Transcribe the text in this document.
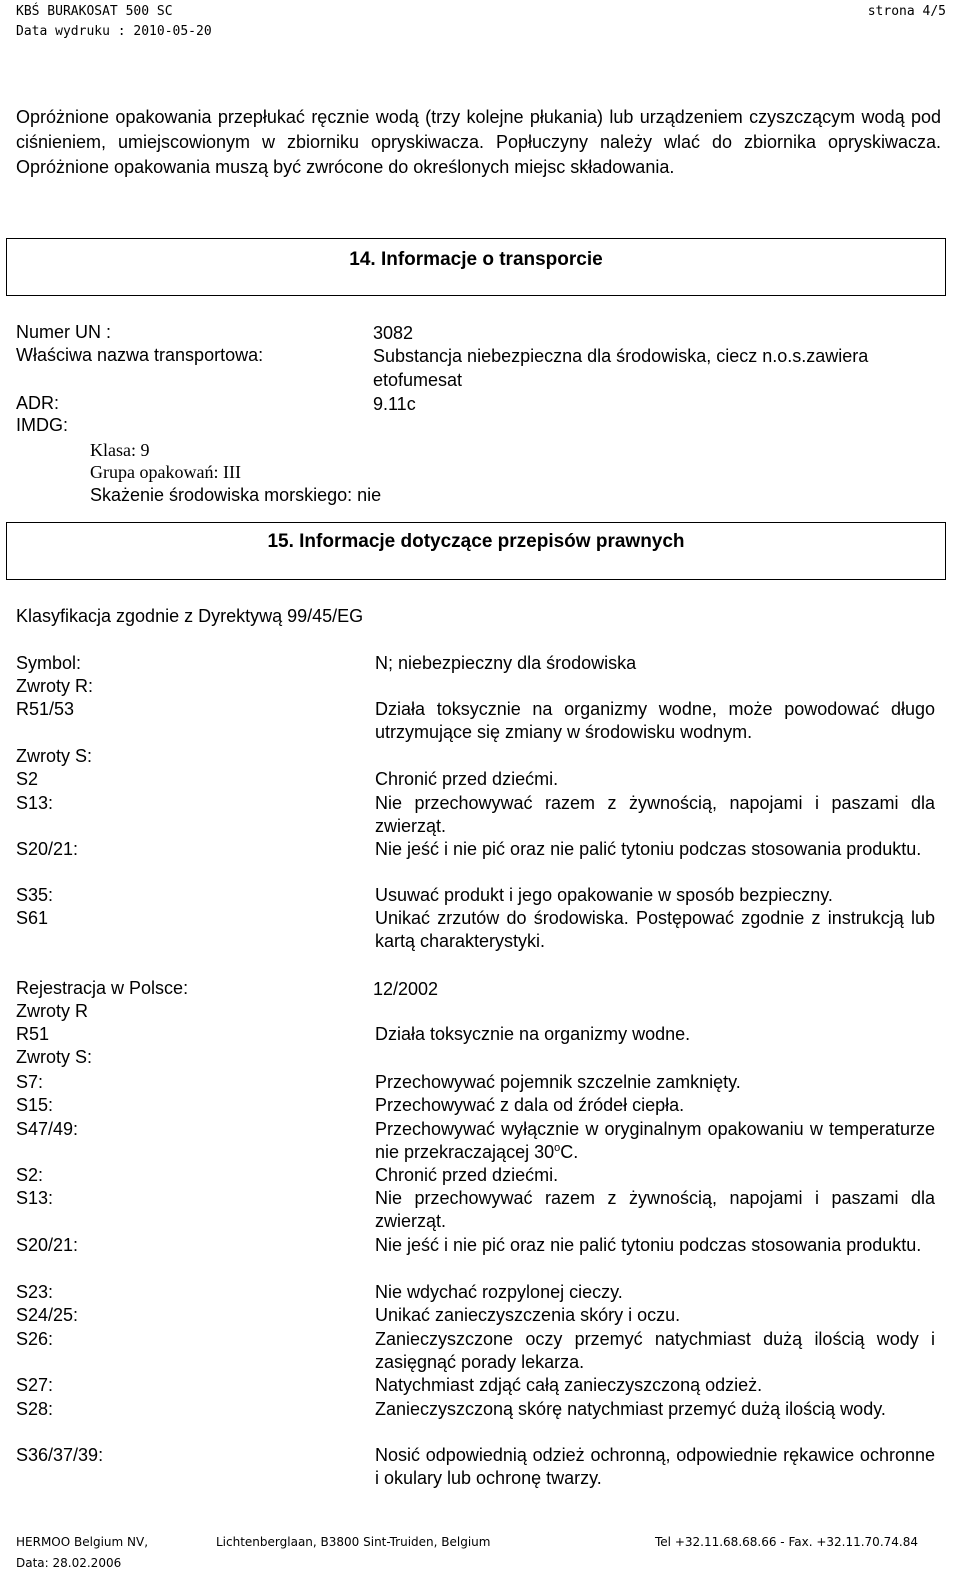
KBŚ BURAKOSAT 500 SC
Data wydruku : 2010-05-20
strona 4/5
Opróżnione opakowania przepłukać ręcznie wodą (trzy kolejne płukania) lub urządzeniem czyszczącym wodą pod ciśnieniem, umiejscowionym w zbiorniku opryskiwacza. Popłuczyny należy wlać do zbiornika opryskiwacza. Opróżnione opakowania muszą być zwrócone do określonych miejsc składowania.
14. Informacje o transporcie
Numer UN :	3082
Właściwa nazwa transportowa:	Substancja niebezpieczna dla środowiska, ciecz n.o.s.zawiera etofumesat
ADR:	9.11c
IMDG:
Klasa: 9
Grupa opakowań: III
Skażenie środowiska morskiego: nie
15. Informacje dotyczące przepisów prawnych
Klasyfikacja zgodnie z Dyrektywą 99/45/EG
Symbol:	N; niebezpieczny dla środowiska
Zwroty R:
R51/53	Działa toksycznie na organizmy wodne, może powodować długo utrzymujące się zmiany w środowisku wodnym.
Zwroty S:
S2	Chronić przed dziećmi.
S13:	Nie przechowywać razem z żywnością, napojami i paszami dla zwierząt.
S20/21:	Nie jeść i nie pić oraz nie palić tytoniu podczas stosowania produktu.
S35:	Usuwać produkt i jego opakowanie w sposób bezpieczny.
S61	Unikać zrzutów do środowiska. Postępować zgodnie z instrukcją lub kartą charakterystyki.
Rejestracja w Polsce:	12/2002
Zwroty R
R51	Działa toksycznie na organizmy wodne.
Zwroty S:
S7:	Przechowywać pojemnik szczelnie zamknięty.
S15:	Przechowywać z dala od źródeł ciepła.
S47/49:	Przechowywać wyłącznie w oryginalnym opakowaniu w temperaturze nie przekraczającej 30$^o$C.
S2:	Chronić przed dziećmi.
S13:	Nie przechowywać razem z żywnością, napojami i paszami dla zwierząt.
S20/21:	Nie jeść i nie pić oraz nie palić tytoniu podczas stosowania produktu.
S23:	Nie wdychać rozpylonej cieczy.
S24/25:	Unikać zanieczyszczenia skóry i oczu.
S26:	Zanieczyszczone oczy przemyć natychmiast dużą ilością wody i zasięgnąć porady lekarza.
S27:	Natychmiast zdjąć całą zanieczyszczoną odzież.
S28:	Zanieczyszczoną skórę natychmiast przemyć dużą ilością wody.
S36/37/39:	Nosić odpowiednią odzież ochronną, odpowiednie rękawice ochronne i okulary lub ochronę twarzy.
HERMOO Belgium NV,
Data: 28.02.2006
Lichtenberglaan, B3800 Sint-Truiden, Belgium	Tel +32.11.68.68.66 - Fax. +32.11.70.74.84
